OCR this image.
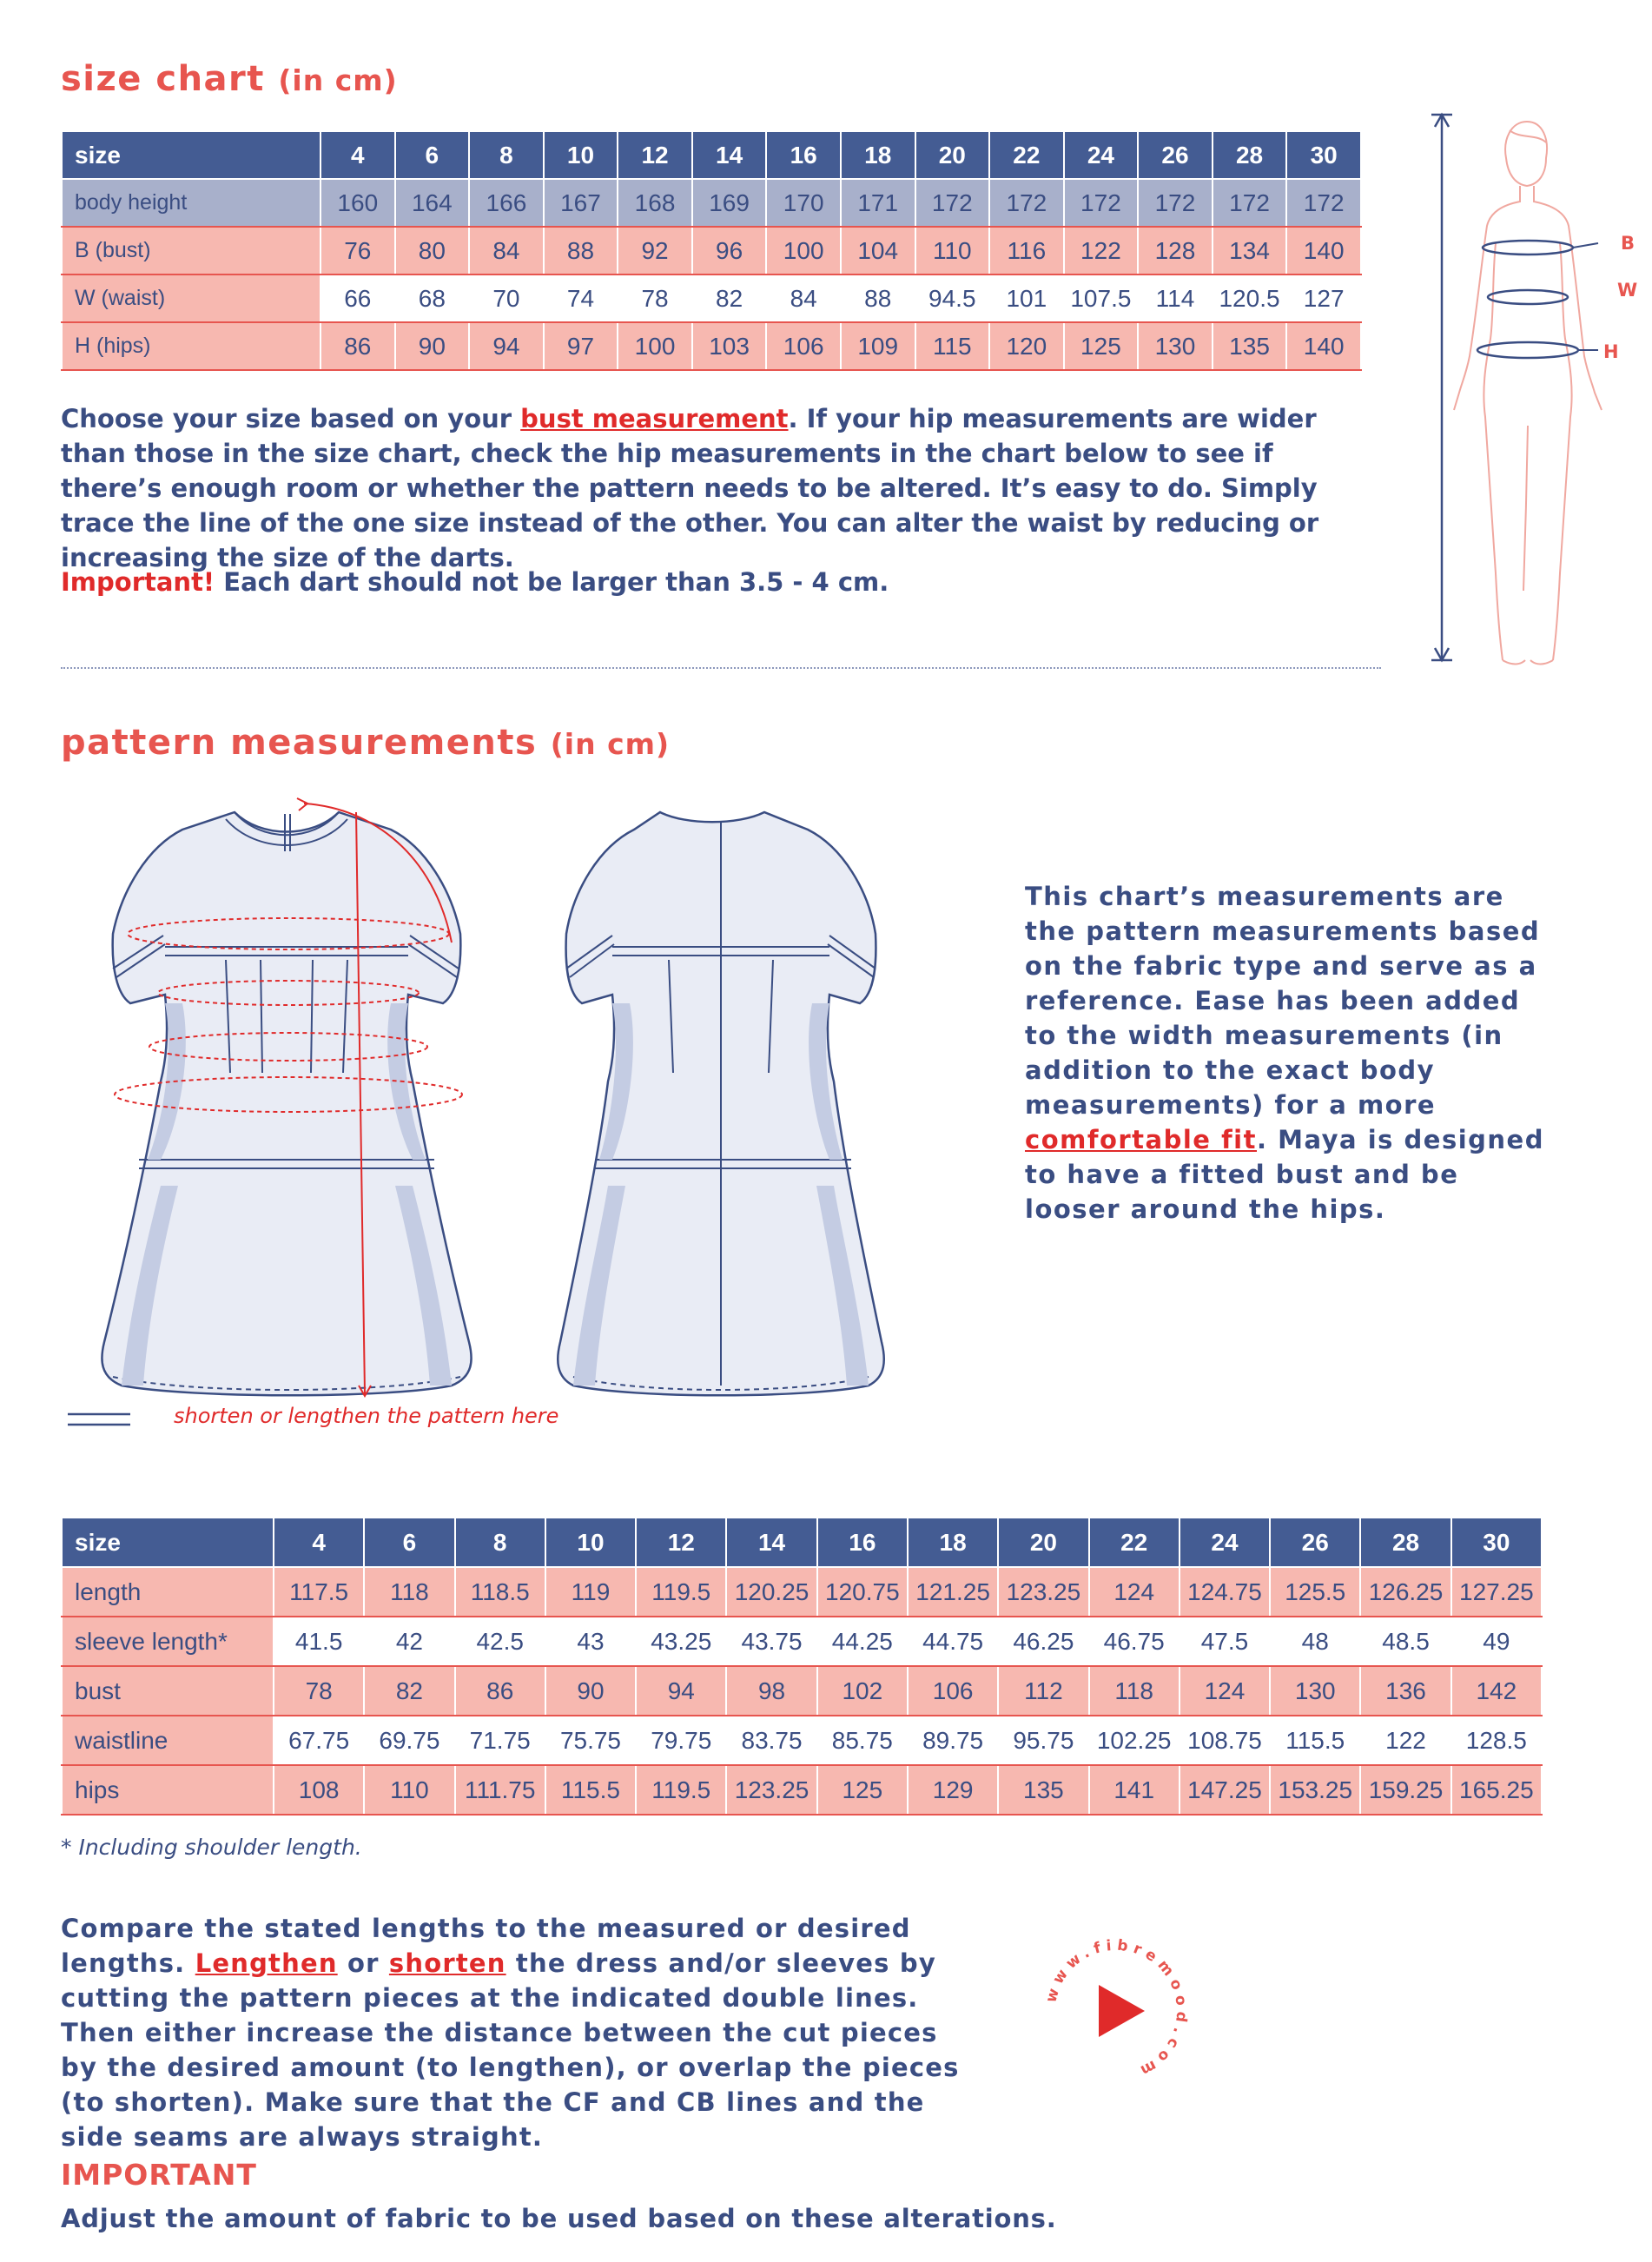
size chart (in cm)
size	4	6	8	10	12	14	16	18	20	22	24	26	28	30
body height	160	164	166	167	168	169	170	171	172	172	172	172	172	172
B (bust)	76	80	84	88	92	96	100	104	110	116	122	128	134	140
W (waist)	66	68	70	74	78	82	84	88	94.5	101	107.5	114	120.5	127
H (hips)	86	90	94	97	100	103	106	109	115	120	125	130	135	140
Choose your size based on your bust measurement. If your hip measurements are wider than those in the size chart, check the hip measurements in the chart below to see if there’s enough room or whether the pattern needs to be altered. It’s easy to do. Simply trace the line of the one size instead of the other. You can alter the waist by reducing or increasing the size of the darts.
Important! Each dart should not be larger than 3.5 - 4 cm.
B
W
H
pattern measurements (in cm)
This chart’s measurements are the pattern measurements based on the fabric type and serve as a reference. Ease has been added to the width measurements (in addition to the exact body measurements) for a more comfortable fit. Maya is designed to have a fitted bust and be looser around the hips.
shorten or lengthen the pattern here
size	4	6	8	10	12	14	16	18	20	22	24	26	28	30
length	117.5	118	118.5	119	119.5	120.25	120.75	121.25	123.25	124	124.75	125.5	126.25	127.25
sleeve length*	41.5	42	42.5	43	43.25	43.75	44.25	44.75	46.25	46.75	47.5	48	48.5	49
bust	78	82	86	90	94	98	102	106	112	118	124	130	136	142
waistline	67.75	69.75	71.75	75.75	79.75	83.75	85.75	89.75	95.75	102.25	108.75	115.5	122	128.5
hips	108	110	111.75	115.5	119.5	123.25	125	129	135	141	147.25	153.25	159.25	165.25
* Including shoulder length.
Compare the stated lengths to the measured or desired lengths. Lengthen or shorten the dress and/or sleeves by cutting the pattern pieces at the indicated double lines. Then either increase the distance between the cut pieces by the desired amount (to lengthen), or overlap the pieces (to shorten). Make sure that the CF and CB lines and the side seams are always straight.
www.fibremood.com
IMPORTANT
Adjust the amount of fabric to be used based on these alterations.
